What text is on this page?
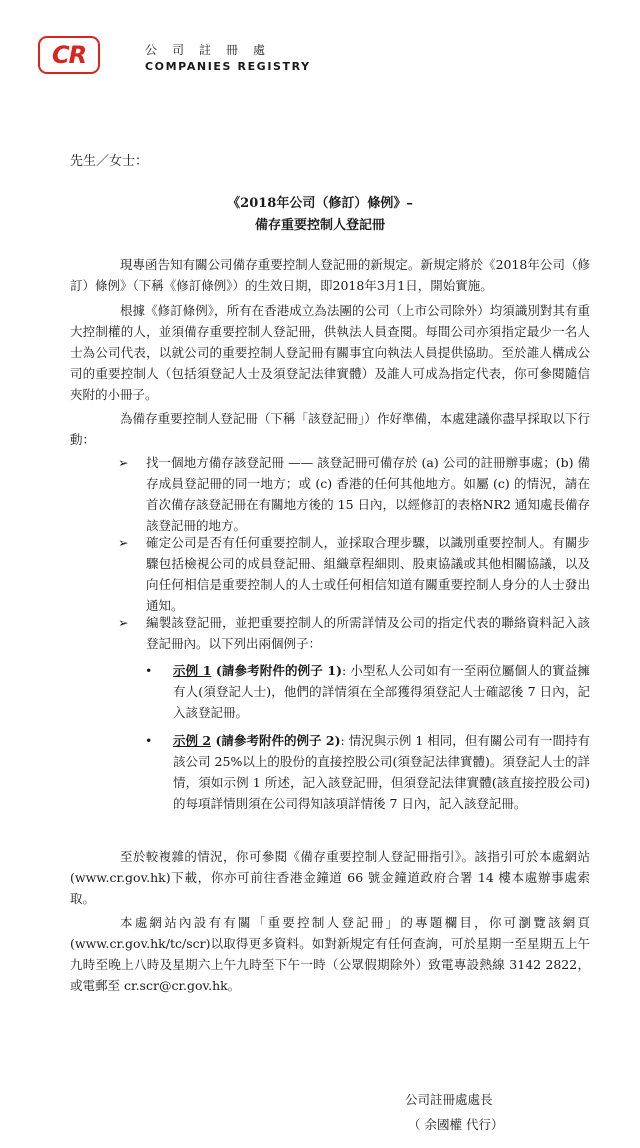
CR	公司註冊處
COMPANIES REGISTRY
先生／女士：
《2018年公司（修訂）條例》–
備存重要控制人登記冊

現專函告知有關公司備存重要控制人登記冊的新規定。新規定將於《2018年公司（修訂）條例》（下稱《修訂條例》）的生效日期，即2018年3月1日，開始實施。

根據《修訂條例》，所有在香港成立為法團的公司（上市公司除外）均須識別對其有重大控制權的人，並須備存重要控制人登記冊，供執法人員查閱。每間公司亦須指定最少一名人士為公司代表，以就公司的重要控制人登記冊有關事宜向執法人員提供協助。至於誰人構成公司的重要控制人（包括須登記人士及須登記法律實體）及誰人可成為指定代表，你可參閱隨信夾附的小冊子。

為備存重要控制人登記冊（下稱「該登記冊」）作好準備，本處建議你盡早採取以下行動：

➢ 找一個地方備存該登記冊 —— 該登記冊可備存於 (a) 公司的註冊辦事處；(b) 備存成員登記冊的同一地方；或 (c) 香港的任何其他地方。如屬 (c) 的情況，請在首次備存該登記冊在有關地方後的 15 日內，以經修訂的表格NR2 通知處長備存該登記冊的地方。
➢ 確定公司是否有任何重要控制人，並採取合理步驟，以識別重要控制人。有關步驟包括檢視公司的成員登記冊、組織章程細則、股東協議或其他相關協議，以及向任何相信是重要控制人的人士或任何相信知道有關重要控制人身分的人士發出通知。
➢ 編製該登記冊，並把重要控制人的所需詳情及公司的指定代表的聯絡資料記入該登記冊內。以下列出兩個例子：
• 示例 1 (請參考附件的例子 1): 小型私人公司如有一至兩位屬個人的實益擁有人(須登記人士)，他們的詳情須在全部獲得須登記人士確認後 7 日內，記入該登記冊。
• 示例 2 (請參考附件的例子 2): 情況與示例 1 相同，但有關公司有一間持有該公司 25%以上的股份的直接控股公司(須登記法律實體)。須登記人士的詳情，須如示例 1 所述，記入該登記冊，但須登記法律實體(該直接控股公司)的每項詳情則須在公司得知該項詳情後 7 日內，記入該登記冊。

至於較複雜的情況，你可參閱《備存重要控制人登記冊指引》。該指引可於本處網站(www.cr.gov.hk)下載，你亦可前往香港金鐘道 66 號金鐘道政府合署 14 樓本處辦事處索取。

本處網站內設有有關「重要控制人登記冊」的專題欄目，你可瀏覽該網頁(www.cr.gov.hk/tc/scr)以取得更多資料。如對新規定有任何查詢，可於星期一至星期五上午九時至晚上八時及星期六上午九時至下午一時（公眾假期除外）致電專設熱線 3142 2822，或電郵至 cr.scr@cr.gov.hk。

公司註冊處處長
（ 余國權 代行）
